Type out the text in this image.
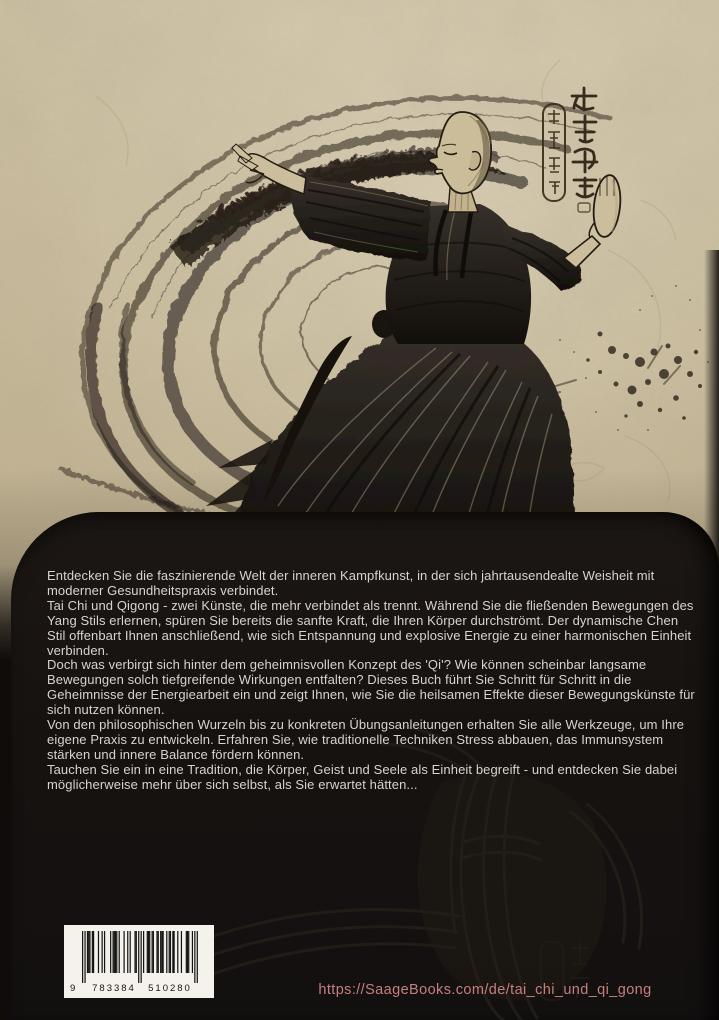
Entdecken Sie die faszinierende Welt der inneren Kampfkunst, in der sich jahrtausendealte Weisheit mit moderner Gesundheitspraxis verbindet.
Tai Chi und Qigong - zwei Künste, die mehr verbindet als trennt. Während Sie die fließenden Bewegungen des Yang Stils erlernen, spüren Sie bereits die sanfte Kraft, die Ihren Körper durchströmt. Der dynamische Chen Stil offenbart Ihnen anschließend, wie sich Entspannung und explosive Energie zu einer harmonischen Einheit verbinden.
Doch was verbirgt sich hinter dem geheimnisvollen Konzept des 'Qi'? Wie können scheinbar langsame Bewegungen solch tiefgreifende Wirkungen entfalten? Dieses Buch führt Sie Schritt für Schritt in die Geheimnisse der Energiearbeit ein und zeigt Ihnen, wie Sie die heilsamen Effekte dieser Bewegungskünste für sich nutzen können.
Von den philosophischen Wurzeln bis zu konkreten Übungsanleitungen erhalten Sie alle Werkzeuge, um Ihre eigene Praxis zu entwickeln. Erfahren Sie, wie traditionelle Techniken Stress abbauen, das Immunsystem stärken und innere Balance fördern können.
Tauchen Sie ein in eine Tradition, die Körper, Geist und Seele als Einheit begreift - und entdecken Sie dabei möglicherweise mehr über sich selbst, als Sie erwartet hätten...
9 783384 510280	https://SaageBooks.com/de/tai_chi_und_qi_gong
